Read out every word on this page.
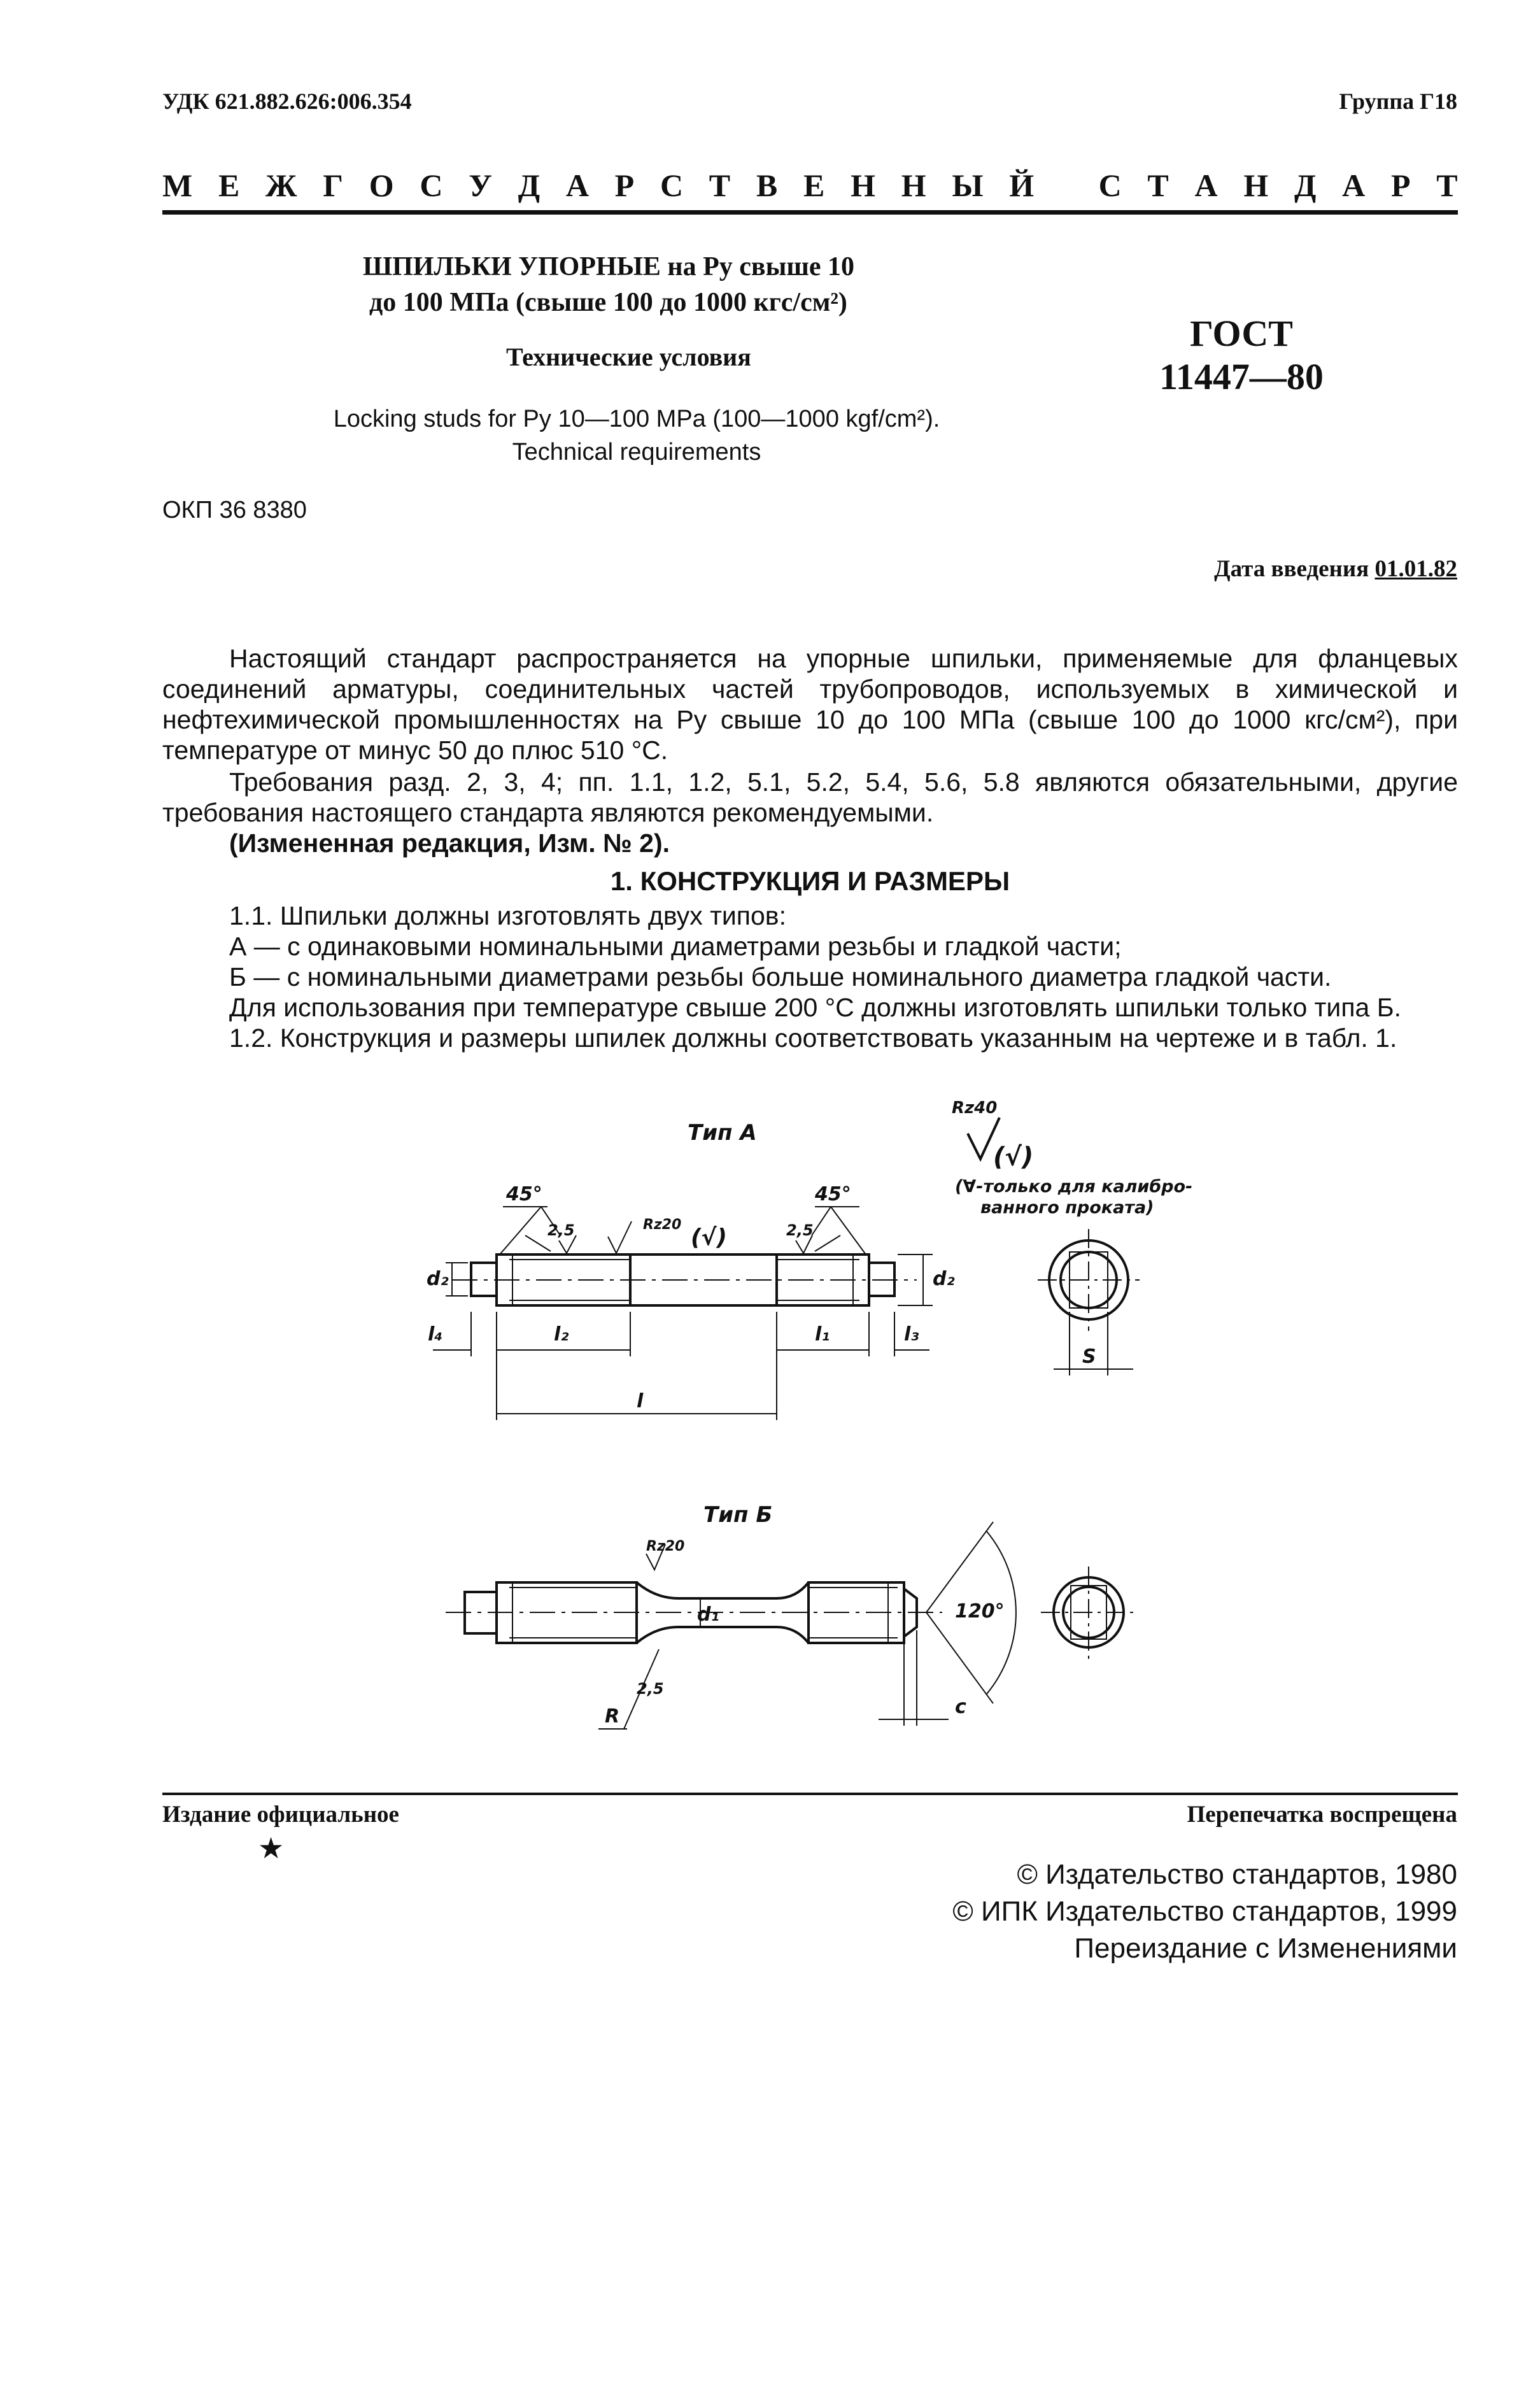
УДК 621.882.626:006.354	Группа Г18
М Е Ж Г О С У Д А Р С Т В Е Н Н Ы Й С Т А Н Д А Р Т
ШПИЛЬКИ УПОРНЫЕ на Pу свыше 10
до 100 МПа (свыше 100 до 1000 кгс/см²)
Технические условия
ГОСТ
11447—80
Locking studs for Py 10—100 MPa (100—1000 kgf/cm²).
Technical requirements
ОКП 36 8380
Дата введения 01.01.82
Настоящий стандарт распространяется на упорные шпильки, применяемые для фланцевых соединений арматуры, соединительных частей трубопроводов, используемых в химической и нефтехимической промышленностях на Pу свыше 10 до 100 МПа (свыше 100 до 1000 кгс/см²), при температуре от минус 50 до плюс 510 °С.
Требования разд. 2, 3, 4; пп. 1.1, 1.2, 5.1, 5.2, 5.4, 5.6, 5.8 являются обязательными, другие требования настоящего стандарта являются рекомендуемыми.
(Измененная редакция, Изм. № 2).
1. КОНСТРУКЦИЯ И РАЗМЕРЫ
1.1. Шпильки должны изготовлять двух типов:
А — с одинаковыми номинальными диаметрами резьбы и гладкой части;
Б — с номинальными диаметрами резьбы больше номинального диаметра гладкой части.
Для использования при температуре свыше 200 °С должны изготовлять шпильки только типа Б.
1.2. Конструкция и размеры шпилек должны соответствовать указанным на чертеже и в табл. 1.
Тип А
Rz40
(√)
(∀-только для калибро-
ванного проката)
45°	45°
2,5	2,5
Rz20 (√)
d₂	d₂
l₄	l₂	l₁	l₃
l
S
Тип Б
Rz20
d₁	120°
2,5
R	c
Издание официальное
★
Перепечатка воспрещена
© Издательство стандартов, 1980
© ИПК Издательство стандартов, 1999
Переиздание с Изменениями
